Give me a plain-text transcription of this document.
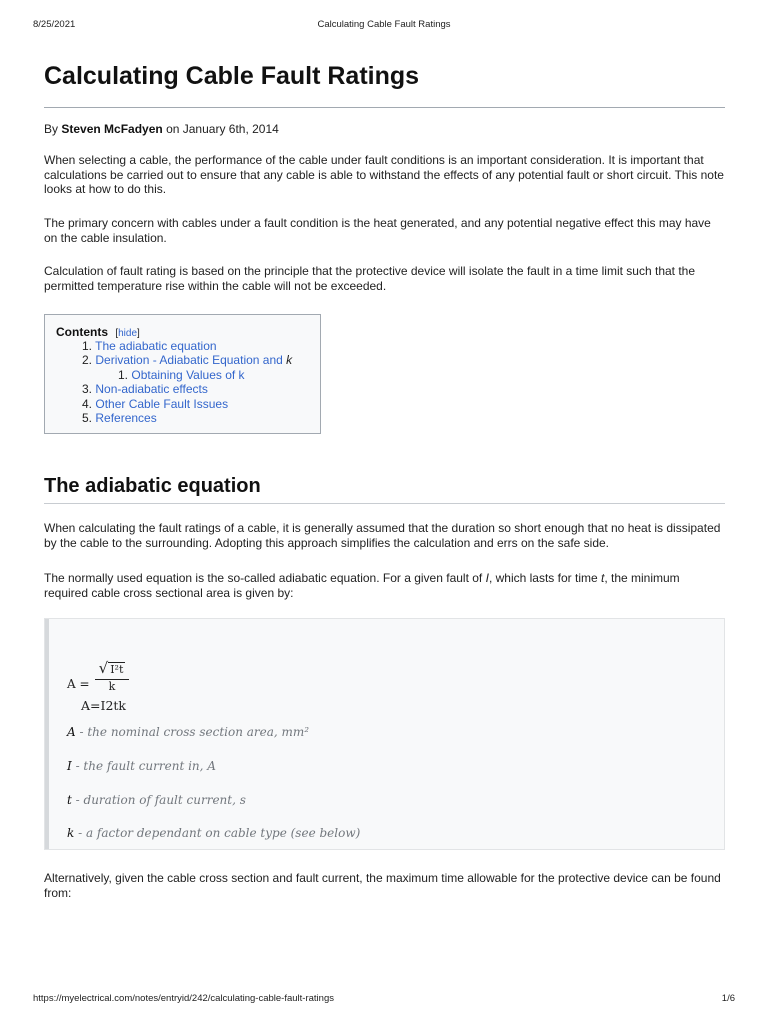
8/25/2021	Calculating Cable Fault Ratings
Calculating Cable Fault Ratings

By Steven McFadyen on January 6th, 2014

When selecting a cable, the performance of the cable under fault conditions is an important consideration. It is important that calculations be carried out to ensure that any cable is able to withstand the effects of any potential fault or short circuit. This note looks at how to do this.

The primary concern with cables under a fault condition is the heat generated, and any potential negative effect this may have on the cable insulation.

Calculation of fault rating is based on the principle that the protective device will isolate the fault in a time limit such that the permitted temperature rise within the cable will not be exceeded.

Contents [hide]
1. The adiabatic equation
2. Derivation - Adiabatic Equation and k
1. Obtaining Values of k
3. Non-adiabatic effects
4. Other Cable Fault Issues
5. References
The adiabatic equation

When calculating the fault ratings of a cable, it is generally assumed that the duration so short enough that no heat is dissipated by the cable to the surrounding. Adopting this approach simplifies the calculation and errs on the safe side.

The normally used equation is the so-called adiabatic equation. For a given fault of I, which lasts for time t, the minimum required cable cross sectional area is given by:

A =
√ I²t
k
A=I2tk
A - the nominal cross section area, mm²
I - the fault current in, A
t - duration of fault current, s
k - a factor dependant on cable type (see below)

Alternatively, given the cable cross section and fault current, the maximum time allowable for the protective device can be found from:

https://myelectrical.com/notes/entryid/242/calculating-cable-fault-ratings	1/6
